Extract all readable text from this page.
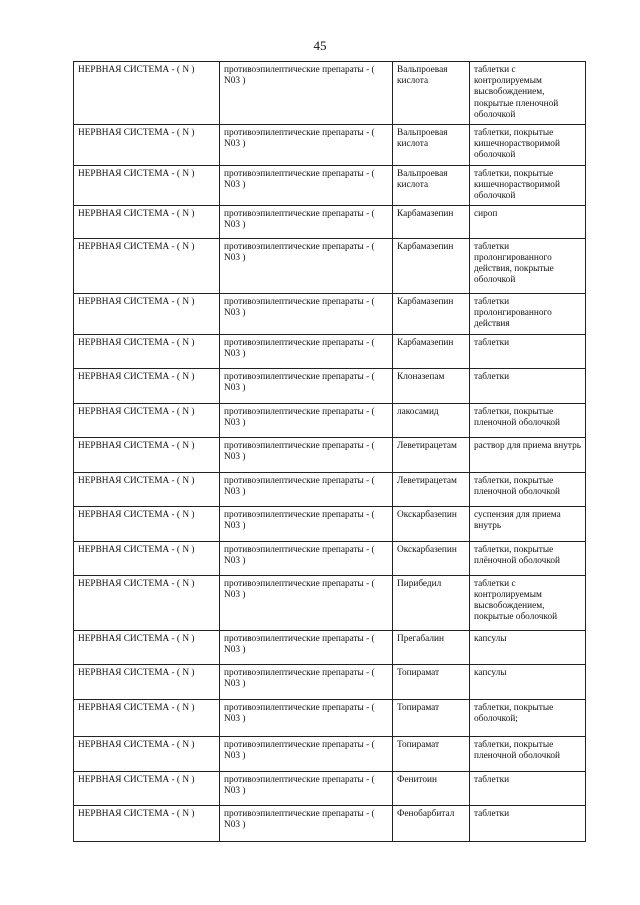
45
НЕРВНАЯ СИСТЕМА - ( N )	противоэпилептические препараты - ( N03 )	Вальпроевая кислота	таблетки с контролируемым высвобождением, покрытые пленочной оболочкой
НЕРВНАЯ СИСТЕМА - ( N )	противоэпилептические препараты - ( N03 )	Вальпроевая кислота	таблетки, покрытые кишечнорастворимой оболочкой
НЕРВНАЯ СИСТЕМА - ( N )	противоэпилептические препараты - ( N03 )	Вальпроевая кислота	таблетки, покрытые кишечнорастворимой оболочкой
НЕРВНАЯ СИСТЕМА - ( N )	противоэпилептические препараты - ( N03 )	Карбамазепин	сироп
НЕРВНАЯ СИСТЕМА - ( N )	противоэпилептические препараты - ( N03 )	Карбамазепин	таблетки пролонгированного действия, покрытые оболочкой
НЕРВНАЯ СИСТЕМА - ( N )	противоэпилептические препараты - ( N03 )	Карбамазепин	таблетки пролонгированного действия
НЕРВНАЯ СИСТЕМА - ( N )	противоэпилептические препараты - ( N03 )	Карбамазепин	таблетки
НЕРВНАЯ СИСТЕМА - ( N )	противоэпилептические препараты - ( N03 )	Клоназепам	таблетки
НЕРВНАЯ СИСТЕМА - ( N )	противоэпилептические препараты - ( N03 )	лакосамид	таблетки, покрытые пленочной оболочкой
НЕРВНАЯ СИСТЕМА - ( N )	противоэпилептические препараты - ( N03 )	Леветирацетам	раствор для приема внутрь
НЕРВНАЯ СИСТЕМА - ( N )	противоэпилептические препараты - ( N03 )	Леветирацетам	таблетки, покрытые пленочной оболочкой
НЕРВНАЯ СИСТЕМА - ( N )	противоэпилептические препараты - ( N03 )	Окскарбазепин	суспензия для приема внутрь
НЕРВНАЯ СИСТЕМА - ( N )	противоэпилептические препараты - ( N03 )	Окскарбазепин	таблетки, покрытые плёночной оболочкой
НЕРВНАЯ СИСТЕМА - ( N )	противоэпилептические препараты - ( N03 )	Пирибедил	таблетки с контролируемым высвобождением, покрытые оболочкой
НЕРВНАЯ СИСТЕМА - ( N )	противоэпилептические препараты - ( N03 )	Прегабалин	капсулы
НЕРВНАЯ СИСТЕМА - ( N )	противоэпилептические препараты - ( N03 )	Топирамат	капсулы
НЕРВНАЯ СИСТЕМА - ( N )	противоэпилептические препараты - ( N03 )	Топирамат	таблетки, покрытые оболочкой;
НЕРВНАЯ СИСТЕМА - ( N )	противоэпилептические препараты - ( N03 )	Топирамат	таблетки, покрытые пленочной оболочкой
НЕРВНАЯ СИСТЕМА - ( N )	противоэпилептические препараты - ( N03 )	Фенитоин	таблетки
НЕРВНАЯ СИСТЕМА - ( N )	противоэпилептические препараты - ( N03 )	Фенобарбитал	таблетки
